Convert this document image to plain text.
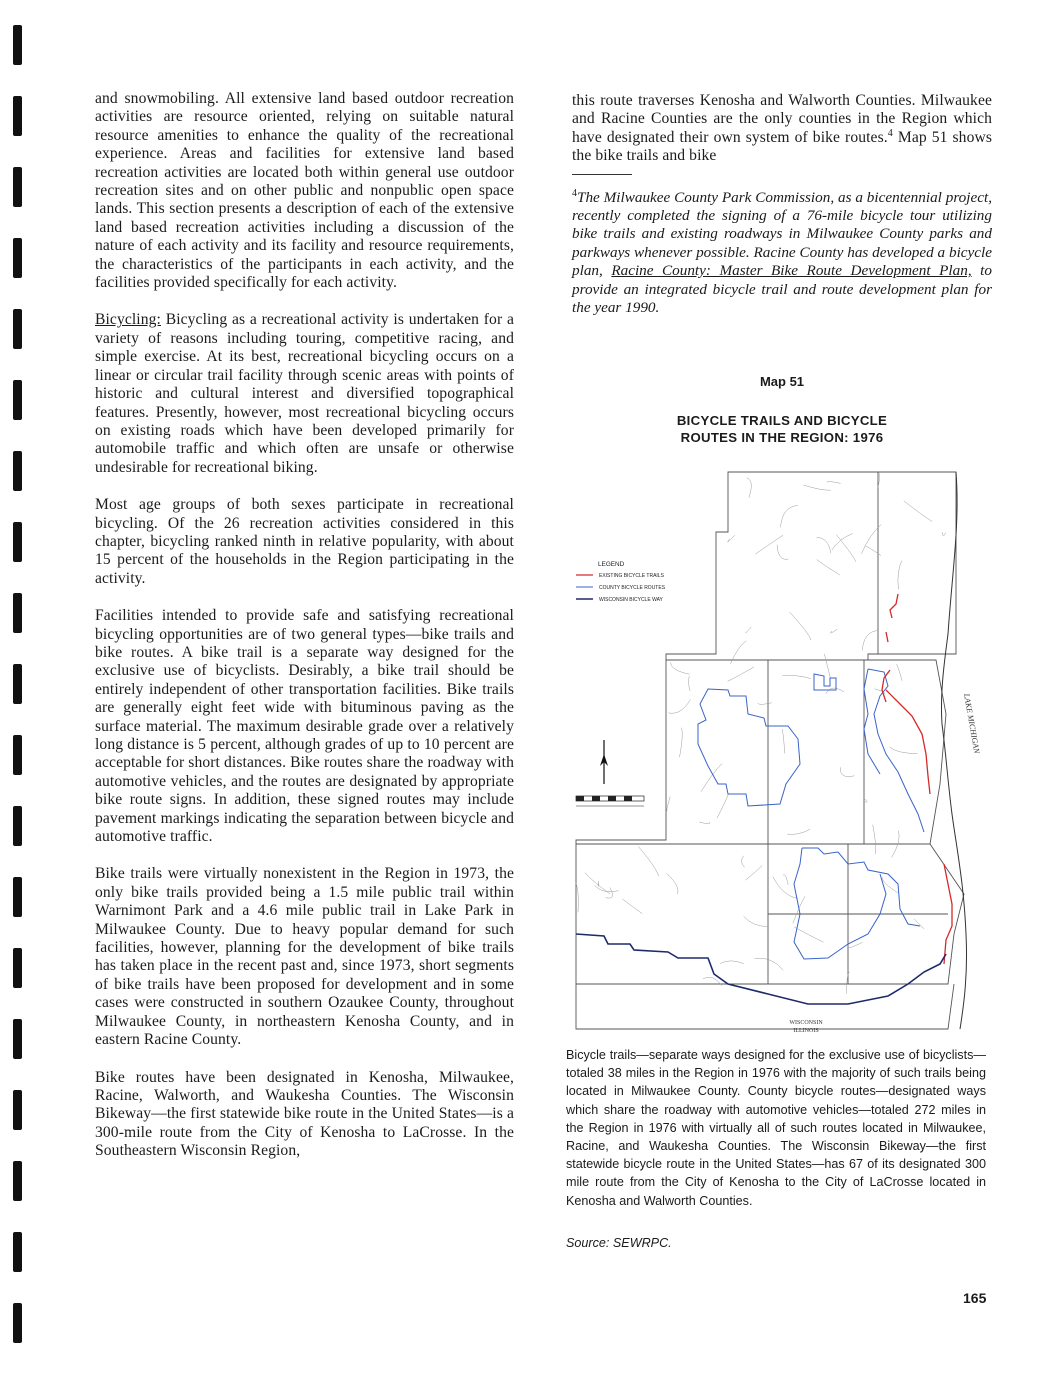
and snowmobiling. All extensive land based outdoor recreation activities are resource oriented, relying on suitable natural resource amenities to enhance the quality of the recreational experience. Areas and facilities for extensive land based recreation activities are located both within general use outdoor recreation sites and on other public and nonpublic open space lands. This section presents a description of each of the extensive land based recreation activities including a discussion of the nature of each activity and its facility and resource requirements, the characteristics of the participants in each activity, and the facilities provided specifically for each activity.

Bicycling: Bicycling as a recreational activity is undertaken for a variety of reasons including touring, competitive racing, and simple exercise. At its best, recreational bicycling occurs on a linear or circular trail facility through scenic areas with points of historic and cultural interest and diversified topographical features. Presently, however, most recreational bicycling occurs on existing roads which have been developed primarily for automobile traffic and which often are unsafe or otherwise undesirable for recreational biking.

Most age groups of both sexes participate in recreational bicycling. Of the 26 recreation activities considered in this chapter, bicycling ranked ninth in relative popularity, with about 15 percent of the households in the Region participating in the activity.

Facilities intended to provide safe and satisfying recreational bicycling opportunities are of two general types—bike trails and bike routes. A bike trail is a separate way designed for the exclusive use of bicyclists. Desirably, a bike trail should be entirely independent of other transportation facilities. Bike trails are generally eight feet wide with bituminous paving as the surface material. The maximum desirable grade over a relatively long distance is 5 percent, although grades of up to 10 percent are acceptable for short distances. Bike routes share the roadway with automotive vehicles, and the routes are designated by appropriate bike route signs. In addition, these signed routes may include pavement markings indicating the separation between bicycle and automotive traffic.

Bike trails were virtually nonexistent in the Region in 1973, the only bike trails provided being a 1.5 mile public trail within Warnimont Park and a 4.6 mile public trail in Lake Park in Milwaukee County. Due to heavy popular demand for such facilities, however, planning for the development of bike trails has taken place in the recent past and, since 1973, short segments of bike trails have been proposed for development and in some cases were constructed in southern Ozaukee County, throughout Milwaukee County, in northeastern Kenosha County, and in eastern Racine County.

Bike routes have been designated in Kenosha, Milwaukee, Racine, Walworth, and Waukesha Counties. The Wisconsin Bikeway—the first statewide bike route in the United States—is a 300-mile route from the City of Kenosha to LaCrosse. In the Southeastern Wisconsin Region,

this route traverses Kenosha and Walworth Counties. Milwaukee and Racine Counties are the only counties in the Region which have designated their own system of bike routes.$^4$ Map 51 shows the bike trails and bike

$^4$The Milwaukee County Park Commission, as a bicentennial project, recently completed the signing of a 76-mile bicycle tour utilizing bike trails and existing roadways in Milwaukee County parks and parkways whenever possible. Racine County has developed a bicycle plan, Racine County: Master Bike Route Development Plan, to provide an integrated bicycle trail and route development plan for the year 1990.

Map 51
BICYCLE TRAILS AND BICYCLE
ROUTES IN THE REGION: 1976
LAKE MICHIGAN
WISCONSIN
ILLINOIS
LEGEND
EXISTING BICYCLE TRAILS
COUNTY BICYCLE ROUTES
WISCONSIN BICYCLE WAY

Bicycle trails—separate ways designed for the exclusive use of bicyclists—totaled 38 miles in the Region in 1976 with the majority of such trails being located in Milwaukee County. County bicycle routes—designated ways which share the roadway with automotive vehicles—totaled 272 miles in the Region in 1976 with virtually all of such routes located in Milwaukee, Racine, and Waukesha Counties. The Wisconsin Bikeway—the first statewide bicycle route in the United States—has 67 of its designated 300 mile route from the City of Kenosha to the City of LaCrosse located in Kenosha and Walworth Counties.

Source: SEWRPC.
165
